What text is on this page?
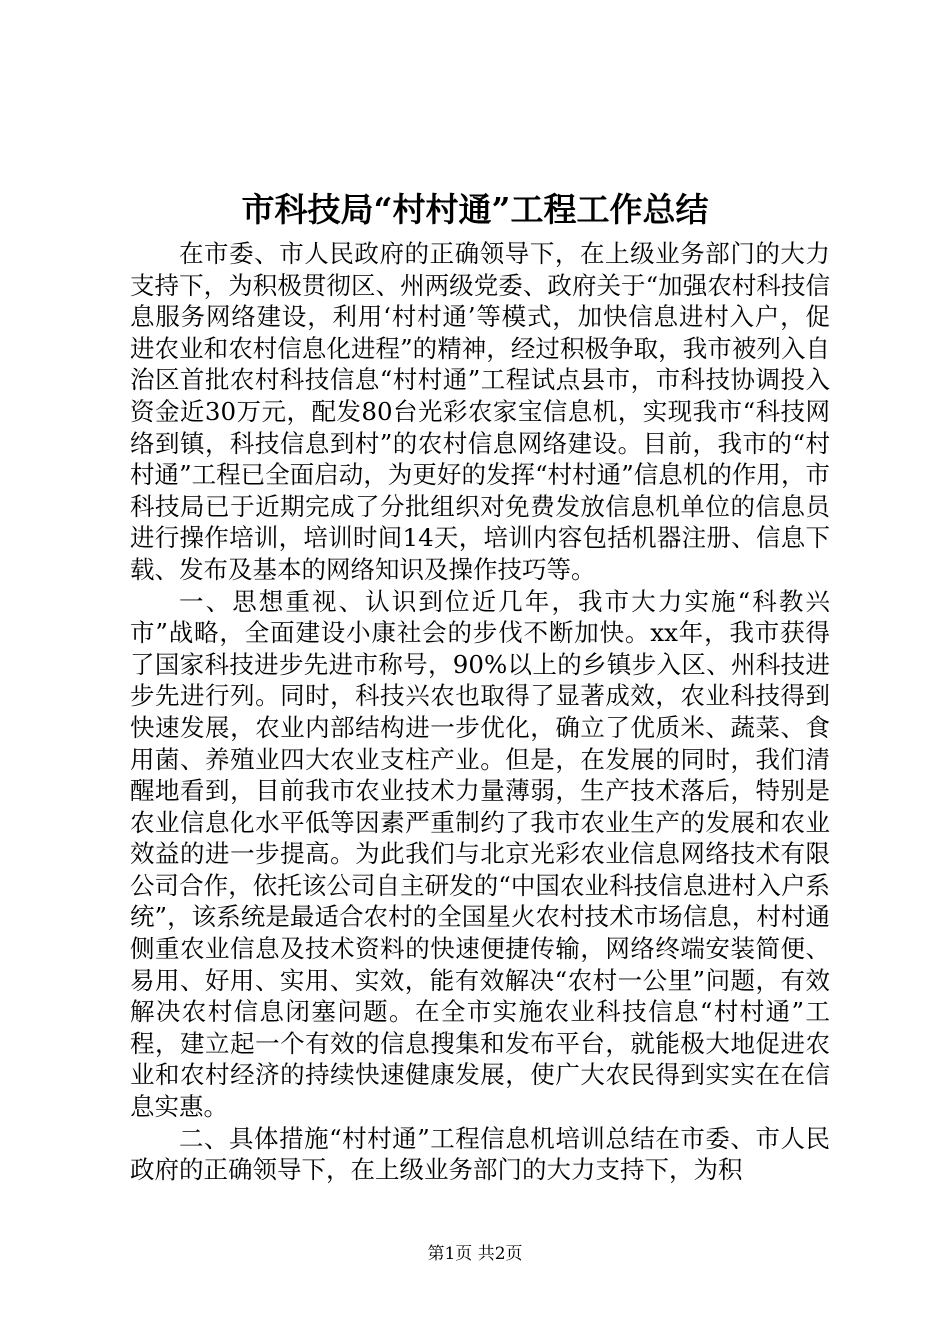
市科技局“村村通”工程工作总结

在市委、市人民政府的正确领导下，在上级业务部门的大力支持下，为积极贯彻区、州两级党委、政府关于“加强农村科技信息服务网络建设，利用‘村村通’等模式，加快信息进村入户，促进农业和农村信息化进程”的精神，经过积极争取，我市被列入自治区首批农村科技信息“村村通”工程试点县市，市科技协调投入资金近30万元，配发80台光彩农家宝信息机，实现我市“科技网络到镇，科技信息到村”的农村信息网络建设。目前，我市的“村村通”工程已全面启动，为更好的发挥“村村通”信息机的作用，市科技局已于近期完成了分批组织对免费发放信息机单位的信息员进行操作培训，培训时间14天，培训内容包括机器注册、信息下载、发布及基本的网络知识及操作技巧等。

一、思想重视、认识到位近几年，我市大力实施“科教兴市”战略，全面建设小康社会的步伐不断加快。xx年，我市获得了国家科技进步先进市称号，90%以上的乡镇步入区、州科技进步先进行列。同时，科技兴农也取得了显著成效，农业科技得到快速发展，农业内部结构进一步优化，确立了优质米、蔬菜、食用菌、养殖业四大农业支柱产业。但是，在发展的同时，我们清醒地看到，目前我市农业技术力量薄弱，生产技术落后，特别是农业信息化水平低等因素严重制约了我市农业生产的发展和农业效益的进一步提高。为此我们与北京光彩农业信息网络技术有限公司合作，依托该公司自主研发的“中国农业科技信息进村入户系统”，该系统是最适合农村的全国星火农村技术市场信息，村村通侧重农业信息及技术资料的快速便捷传输，网络终端安装简便、易用、好用、实用、实效，能有效解决“农村一公里”问题，有效解决农村信息闭塞问题。在全市实施农业科技信息“村村通”工程，建立起一个有效的信息搜集和发布平台，就能极大地促进农业和农村经济的持续快速健康发展，使广大农民得到实实在在信息实惠。

二、具体措施“村村通”工程信息机培训总结在市委、市人民政府的正确领导下，在上级业务部门的大力支持下，为积

第1页 共2页
